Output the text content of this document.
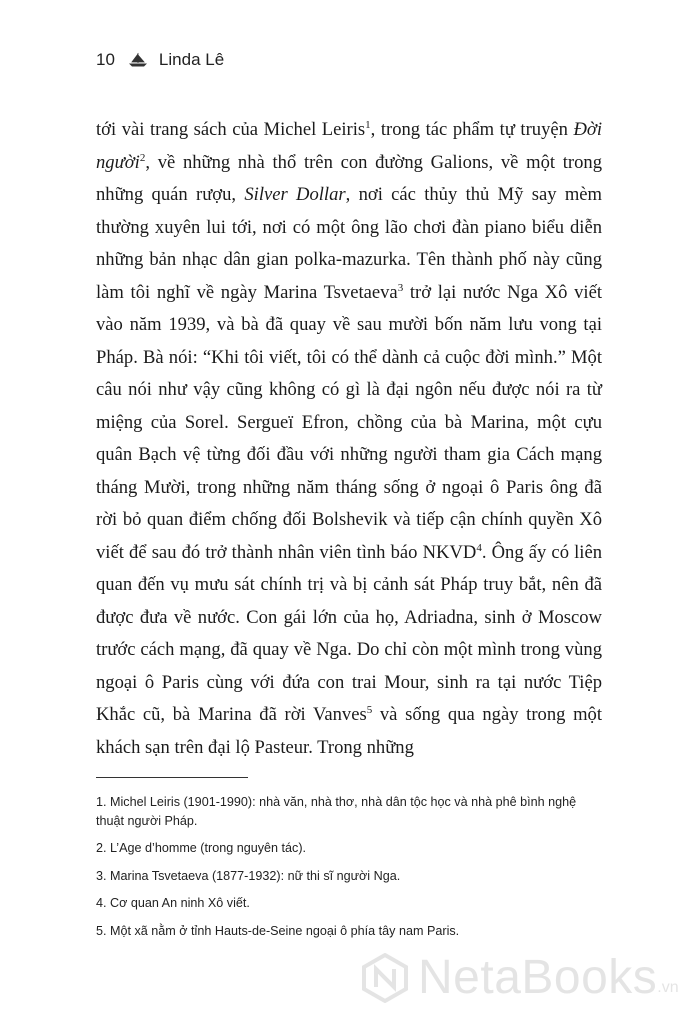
10	Linda Lê

tới vài trang sách của Michel Leiris$^1$, trong tác phẩm tự truyện Đời người$^2$, về những nhà thổ trên con đường Galions, về một trong những quán rượu, Silver Dollar, nơi các thủy thủ Mỹ say mèm thường xuyên lui tới, nơi có một ông lão chơi đàn piano biểu diễn những bản nhạc dân gian polka-mazurka. Tên thành phố này cũng làm tôi nghĩ về ngày Marina Tsvetaeva$^3$ trở lại nước Nga Xô viết vào năm 1939, và bà đã quay về sau mười bốn năm lưu vong tại Pháp. Bà nói: “Khi tôi viết, tôi có thể dành cả cuộc đời mình.” Một câu nói như vậy cũng không có gì là đại ngôn nếu được nói ra từ miệng của Sorel. Sergueï Efron, chồng của bà Marina, một cựu quân Bạch vệ từng đối đầu với những người tham gia Cách mạng tháng Mười, trong những năm tháng sống ở ngoại ô Paris ông đã rời bỏ quan điểm chống đối Bolshevik và tiếp cận chính quyền Xô viết để sau đó trở thành nhân viên tình báo NKVD$^4$. Ông ấy có liên quan đến vụ mưu sát chính trị và bị cảnh sát Pháp truy bắt, nên đã được đưa về nước. Con gái lớn của họ, Adriadna, sinh ở Moscow trước cách mạng, đã quay về Nga. Do chỉ còn một mình trong vùng ngoại ô Paris cùng với đứa con trai Mour, sinh ra tại nước Tiệp Khắc cũ, bà Marina đã rời Vanves$^5$ và sống qua ngày trong một khách sạn trên đại lộ Pasteur. Trong những

1. Michel Leiris (1901-1990): nhà văn, nhà thơ, nhà dân tộc học và nhà phê bình nghệ thuật người Pháp.

2. L’Age d’homme (trong nguyên tác).

3. Marina Tsvetaeva (1877-1932): nữ thi sĩ người Nga.

4. Cơ quan An ninh Xô viết.

5. Một xã nằm ở tỉnh Hauts-de-Seine ngoại ô phía tây nam Paris.

NetaBooks .vn
